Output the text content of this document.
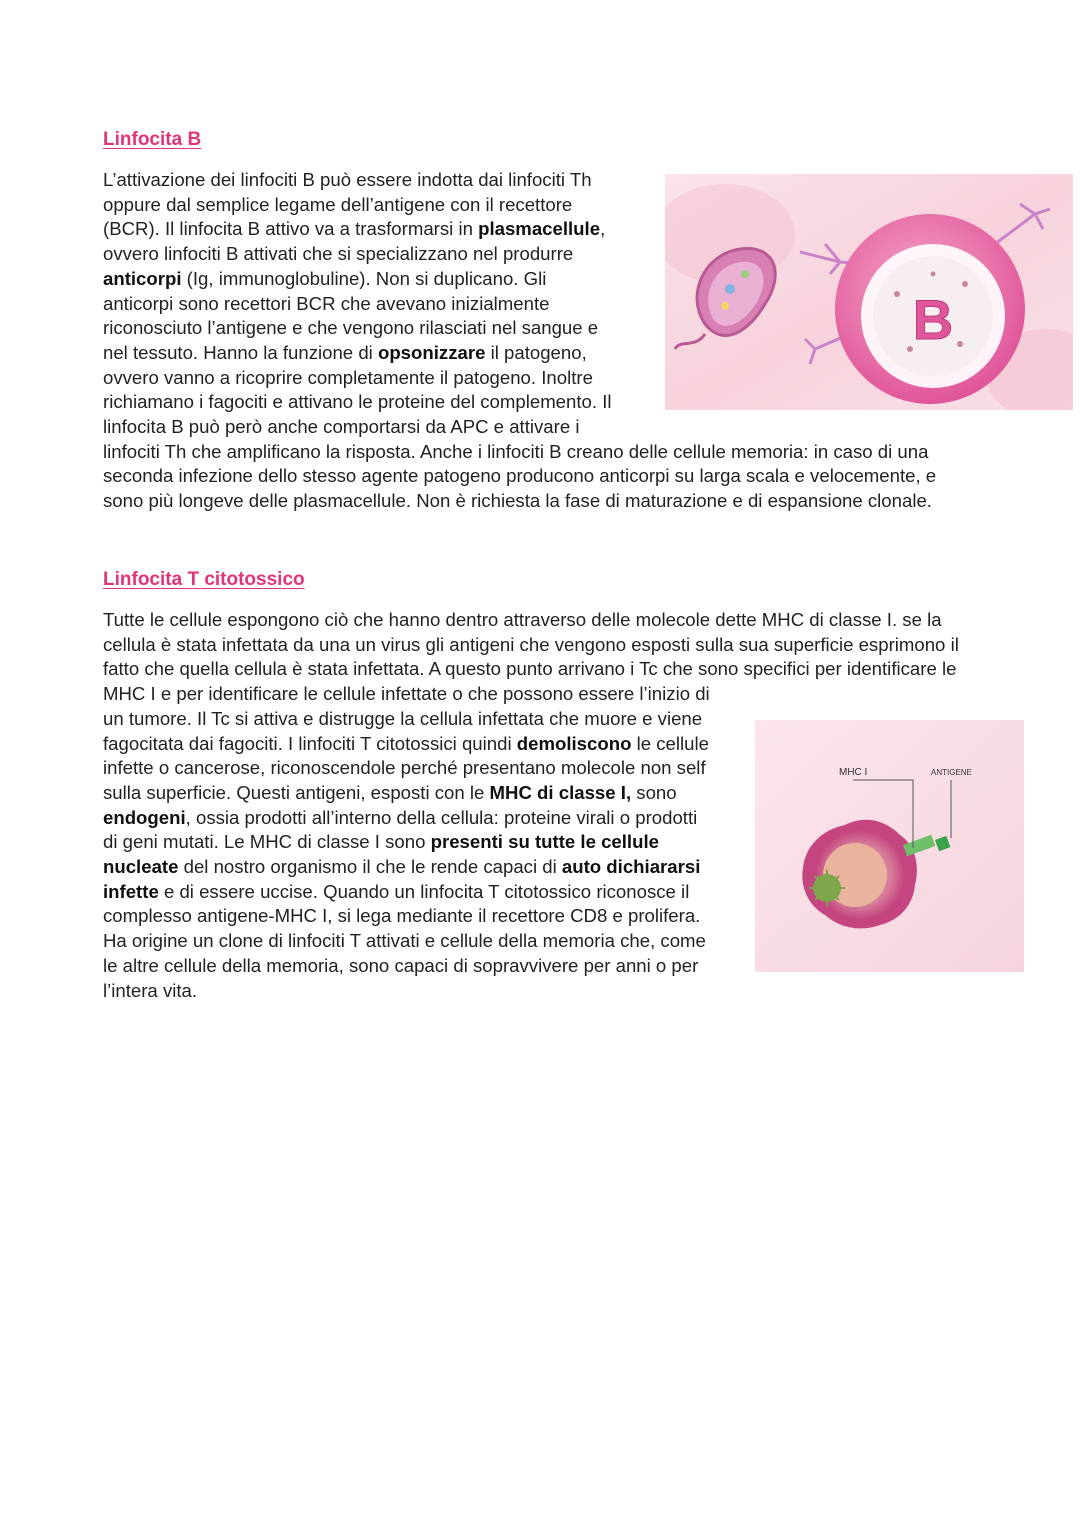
Linfocita B
B

L’attivazione dei linfociti B può essere indotta dai linfociti Th oppure dal semplice legame dell’antigene con il recettore (BCR). Il linfocita B attivo va a trasformarsi in plasmacellule, ovvero linfociti B attivati che si specializzano nel produrre anticorpi (Ig, immunoglobuline). Non si duplicano. Gli anticorpi sono recettori BCR che avevano inizialmente riconosciuto l’antigene e che vengono rilasciati nel sangue e nel tessuto. Hanno la funzione di opsonizzare il patogeno, ovvero vanno a ricoprire completamente il patogeno. Inoltre richiamano i fagociti e attivano le proteine del complemento. Il linfocita B può però anche comportarsi da APC e attivare i linfociti Th che amplificano la risposta. Anche i linfociti B creano delle cellule memoria: in caso di una seconda infezione dello stesso agente patogeno producono anticorpi su larga scala e velocemente, e sono più longeve delle plasmacellule. Non è richiesta la fase di maturazione e di espansione clonale.

Linfocita T citotossico
MHC I	ANTIGENE

Tutte le cellule espongono ciò che hanno dentro attraverso delle molecole dette MHC di classe I. se la cellula è stata infettata da una un virus gli antigeni che vengono esposti sulla sua superficie esprimono il fatto che quella cellula è stata infettata. A questo punto arrivano i Tc che sono specifici per identificare le MHC I e per identificare le cellule infettate o che possono essere l’inizio di un tumore. Il Tc si attiva e distrugge la cellula infettata che muore e viene fagocitata dai fagociti. I linfociti T citotossici quindi demoliscono le cellule infette o cancerose, riconoscendole perché presentano molecole non self sulla superficie. Questi antigeni, esposti con le MHC di classe I, sono endogeni, ossia prodotti all’interno della cellula: proteine virali o prodotti di geni mutati. Le MHC di classe I sono presenti su tutte le cellule nucleate del nostro organismo il che le rende capaci di auto dichiararsi infette e di essere uccise. Quando un linfocita T citotossico riconosce il complesso antigene-MHC I, si lega mediante il recettore CD8 e prolifera. Ha origine un clone di linfociti T attivati e cellule della memoria che, come le altre cellule della memoria, sono capaci di sopravvivere per anni o per l’intera vita.
